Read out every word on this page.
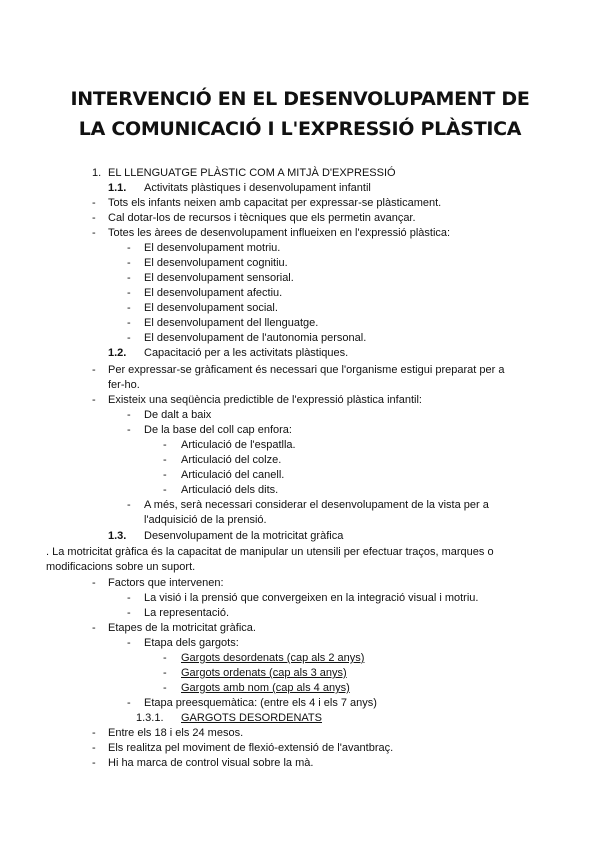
INTERVENCIÓ EN EL DESENVOLUPAMENT DE
LA COMUNICACIÓ I L'EXPRESSIÓ PLÀSTICA
1. EL LLENGUATGE PLÀSTIC COM A MITJÀ D'EXPRESSIÓ
1.1. Activitats plàstiques i desenvolupament infantil
- Tots els infants neixen amb capacitat per expressar-se plàsticament.
- Cal dotar-los de recursos i tècniques que els permetin avançar.
- Totes les àrees de desenvolupament influeixen en l'expressió plàstica:
- El desenvolupament motriu.
- El desenvolupament cognitiu.
- El desenvolupament sensorial.
- El desenvolupament afectiu.
- El desenvolupament social.
- El desenvolupament del llenguatge.
- El desenvolupament de l'autonomia personal.
1.2. Capacitació per a les activitats plàstiques.
- Per expressar-se gràficament és necessari que l'organisme estigui preparat per a
fer-ho.
- Existeix una seqüència predictible de l'expressió plàstica infantil:
- De dalt a baix
- De la base del coll cap enfora:
- Articulació de l'espatlla.
- Articulació del colze.
- Articulació del canell.
- Articulació dels dits.
- A més, serà necessari considerar el desenvolupament de la vista per a
l'adquisició de la prensió.
1.3. Desenvolupament de la motricitat gràfica
. La motricitat gràfica és la capacitat de manipular un utensili per efectuar traços, marques o
modificacions sobre un suport.
- Factors que intervenen:
- La visió i la prensió que convergeixen en la integració visual i motriu.
- La representació.
- Etapes de la motricitat gràfica.
- Etapa dels gargots:
- Gargots desordenats (cap als 2 anys)
- Gargots ordenats (cap als 3 anys)
- Gargots amb nom (cap als 4 anys)
- Etapa preesquemàtica: (entre els 4 i els 7 anys)
1.3.1. GARGOTS DESORDENATS
- Entre els 18 i els 24 mesos.
- Els realitza pel moviment de flexió-extensió de l'avantbraç.
- Hi ha marca de control visual sobre la mà.
